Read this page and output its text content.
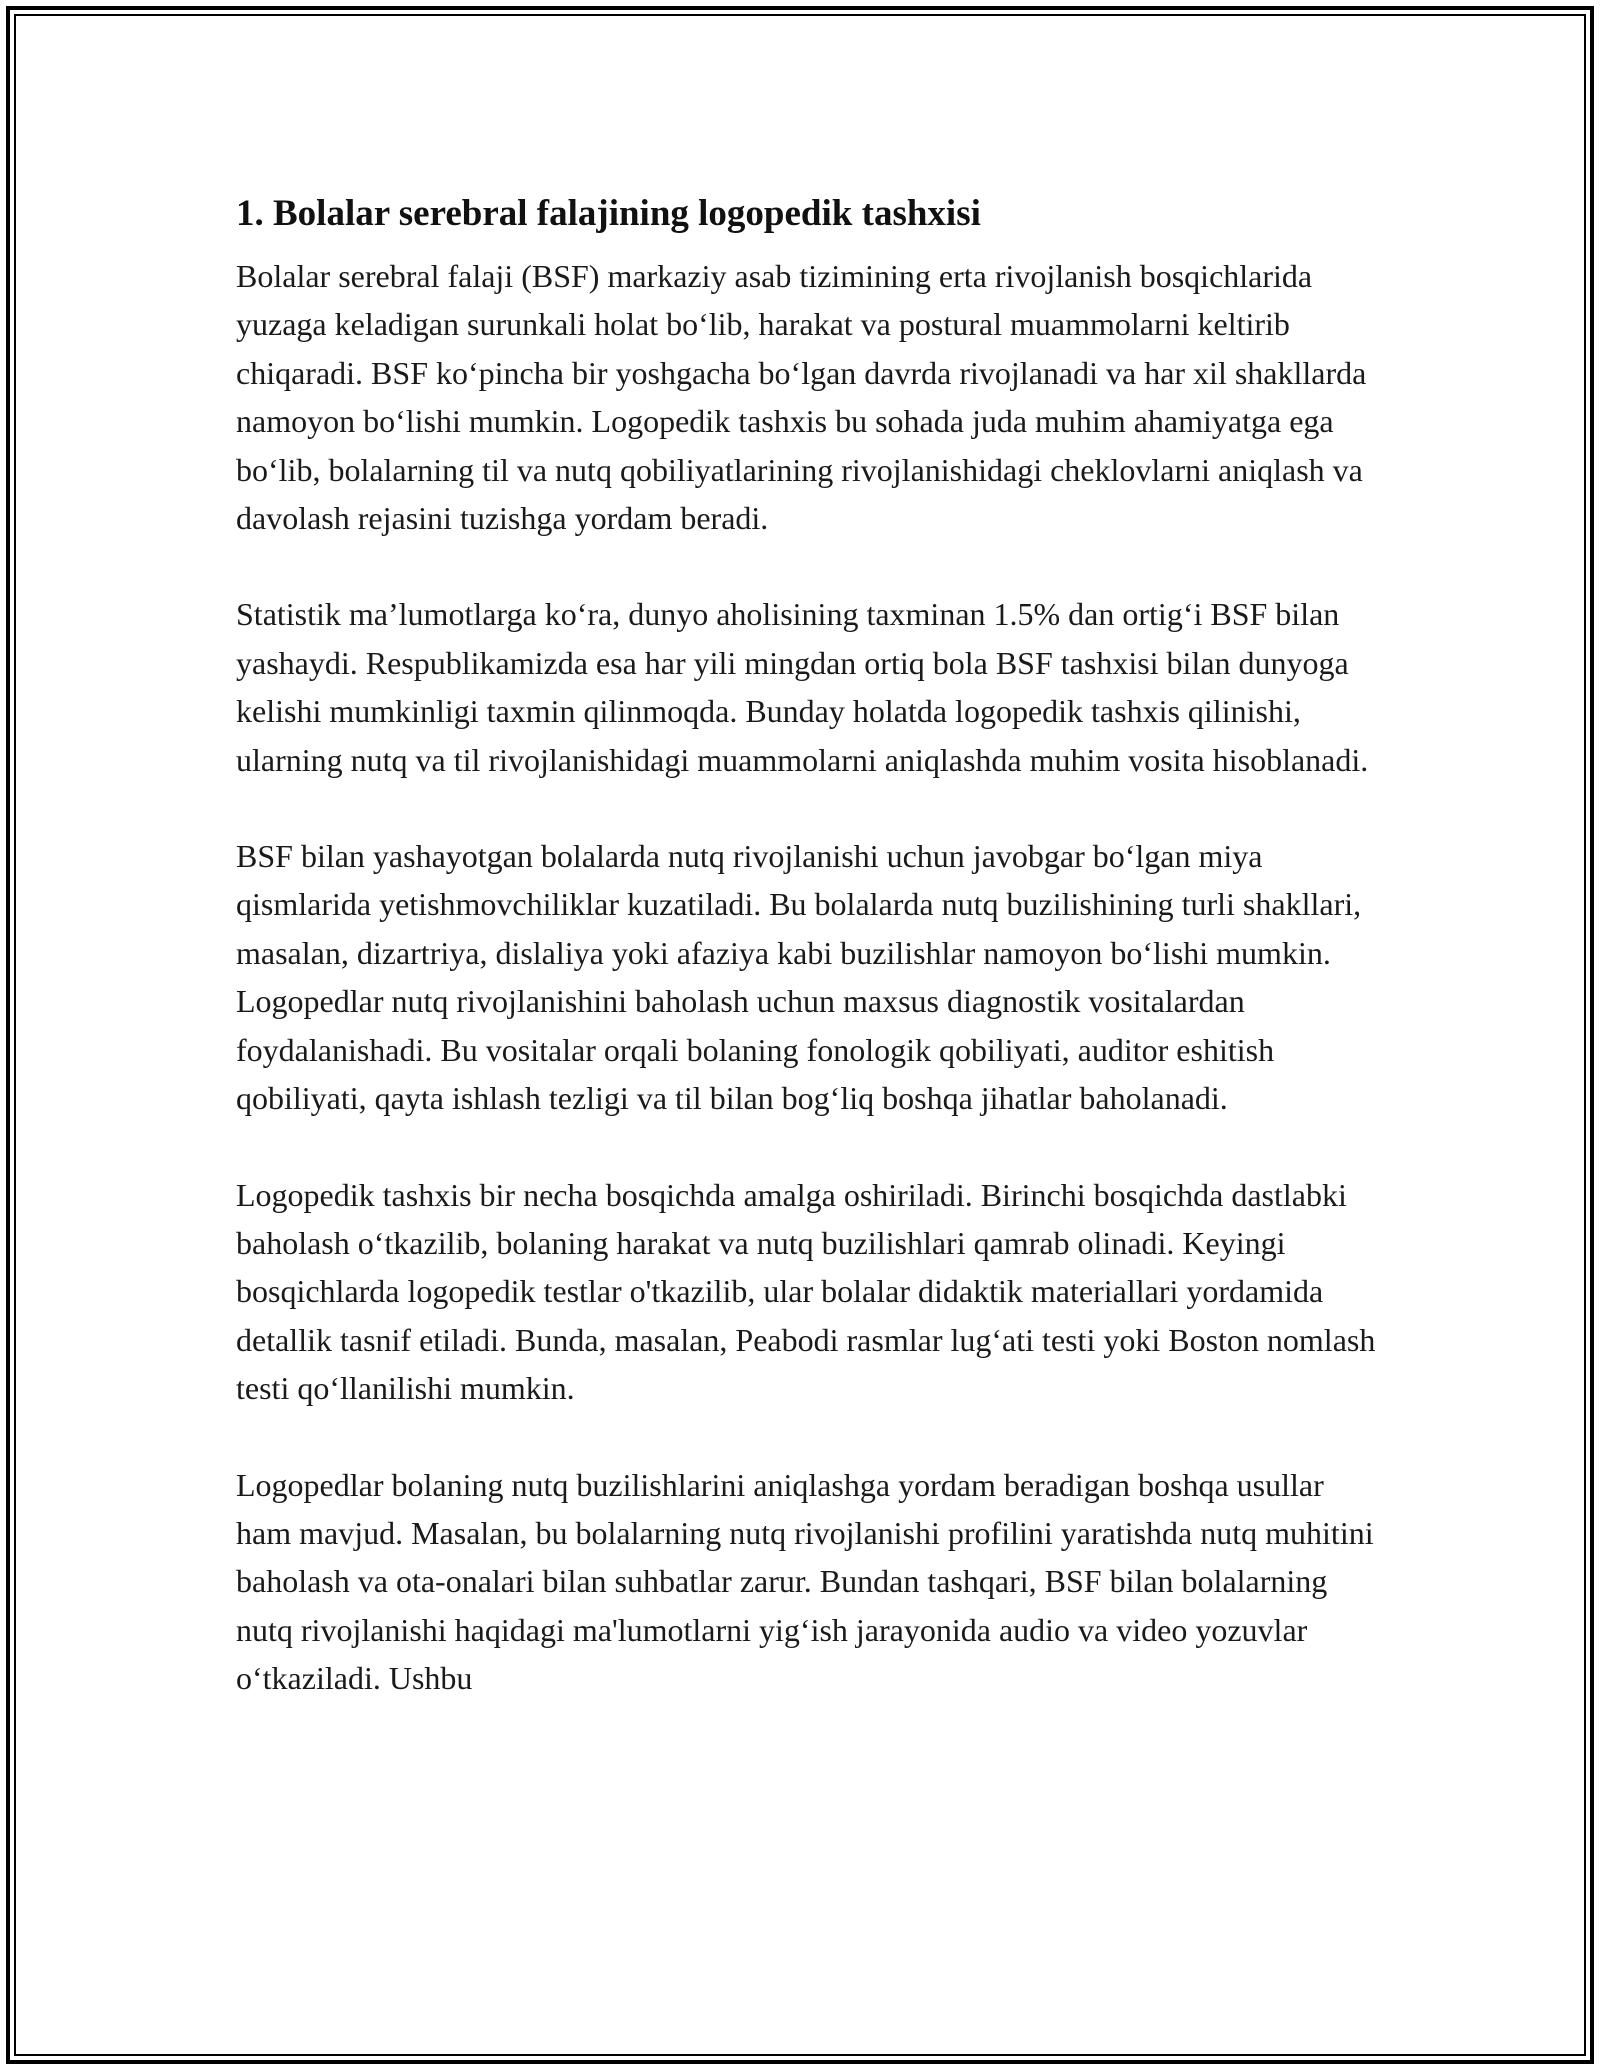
1. Bolalar serebral falajining logopedik tashxisi

Bolalar serebral falaji (BSF) markaziy asab tizimining erta rivojlanish bosqichlarida yuzaga keladigan surunkali holat bo‘lib, harakat va postural muammolarni keltirib chiqaradi. BSF ko‘pincha bir yoshgacha bo‘lgan davrda rivojlanadi va har xil shakllarda namoyon bo‘lishi mumkin. Logopedik tashxis bu sohada juda muhim ahamiyatga ega bo‘lib, bolalarning til va nutq qobiliyatlarining rivojlanishidagi cheklovlarni aniqlash va davolash rejasini tuzishga yordam beradi.

Statistik ma’lumotlarga ko‘ra, dunyo aholisining taxminan 1.5% dan ortig‘i BSF bilan yashaydi. Respublikamizda esa har yili mingdan ortiq bola BSF tashxisi bilan dunyoga kelishi mumkinligi taxmin qilinmoqda. Bunday holatda logopedik tashxis qilinishi, ularning nutq va til rivojlanishidagi muammolarni aniqlashda muhim vosita hisoblanadi.

BSF bilan yashayotgan bolalarda nutq rivojlanishi uchun javobgar bo‘lgan miya qismlarida yetishmovchiliklar kuzatiladi. Bu bolalarda nutq buzilishining turli shakllari, masalan, dizartriya, dislaliya yoki afaziya kabi buzilishlar namoyon bo‘lishi mumkin. Logopedlar nutq rivojlanishini baholash uchun maxsus diagnostik vositalardan foydalanishadi. Bu vositalar orqali bolaning fonologik qobiliyati, auditor eshitish qobiliyati, qayta ishlash tezligi va til bilan bog‘liq boshqa jihatlar baholanadi.

Logopedik tashxis bir necha bosqichda amalga oshiriladi. Birinchi bosqichda dastlabki baholash o‘tkazilib, bolaning harakat va nutq buzilishlari qamrab olinadi. Keyingi bosqichlarda logopedik testlar o'tkazilib, ular bolalar didaktik materiallari yordamida detallik tasnif etiladi. Bunda, masalan, Peabodi rasmlar lug‘ati testi yoki Boston nomlash testi qo‘llanilishi mumkin.

Logopedlar bolaning nutq buzilishlarini aniqlashga yordam beradigan boshqa usullar ham mavjud. Masalan, bu bolalarning nutq rivojlanishi profilini yaratishda nutq muhitini baholash va ota-onalari bilan suhbatlar zarur. Bundan tashqari, BSF bilan bolalarning nutq rivojlanishi haqidagi ma'lumotlarni yig‘ish jarayonida audio va video yozuvlar o‘tkaziladi. Ushbu
